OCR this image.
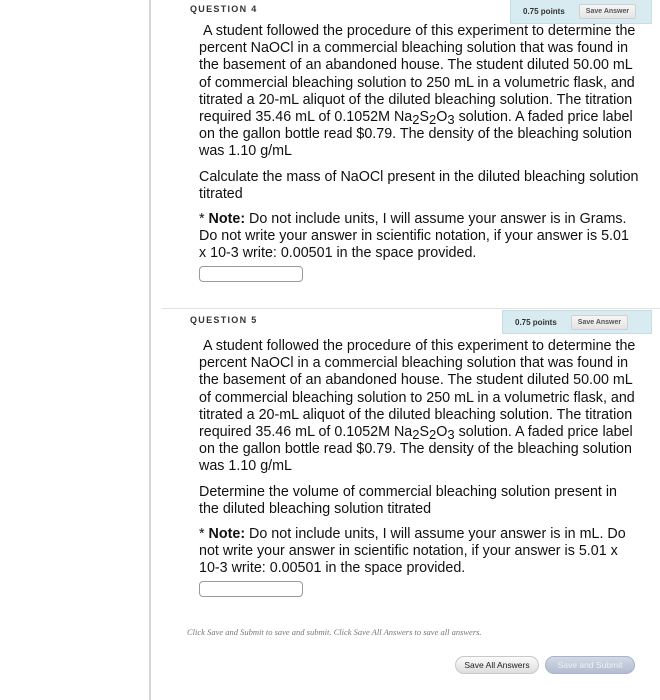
QUESTION 4	0.75 points	Save Answer

A student followed the procedure of this experiment to determine the percent NaOCl in a commercial bleaching solution that was found in the basement of an abandoned house. The student diluted 50.00 mL of commercial bleaching solution to 250 mL in a volumetric flask, and titrated a 20-mL aliquot of the diluted bleaching solution. The titration required 35.46 mL of 0.1052M $Na_2S_2O_3$ solution. A faded price label on the gallon bottle read $0.79. The density of the bleaching solution was 1.10 g/mL

Calculate the mass of NaOCl present in the diluted bleaching solution titrated

* Note: Do not include units, I will assume your answer is in Grams. Do not write your answer in scientific notation, if your answer is 5.01 x 10-3 write: 0.00501 in the space provided.

QUESTION 5	0.75 points	Save Answer

A student followed the procedure of this experiment to determine the percent NaOCl in a commercial bleaching solution that was found in the basement of an abandoned house. The student diluted 50.00 mL of commercial bleaching solution to 250 mL in a volumetric flask, and titrated a 20-mL aliquot of the diluted bleaching solution. The titration required 35.46 mL of 0.1052M $Na_2S_2O_3$ solution. A faded price label on the gallon bottle read $0.79. The density of the bleaching solution was 1.10 g/mL

Determine the volume of commercial bleaching solution present in the diluted bleaching solution titrated

* Note: Do not include units, I will assume your answer is in mL. Do not write your answer in scientific notation, if your answer is 5.01 x 10-3 write: 0.00501 in the space provided.

Click Save and Submit to save and submit. Click Save All Answers to save all answers.
Save All Answers	Save and Submit
